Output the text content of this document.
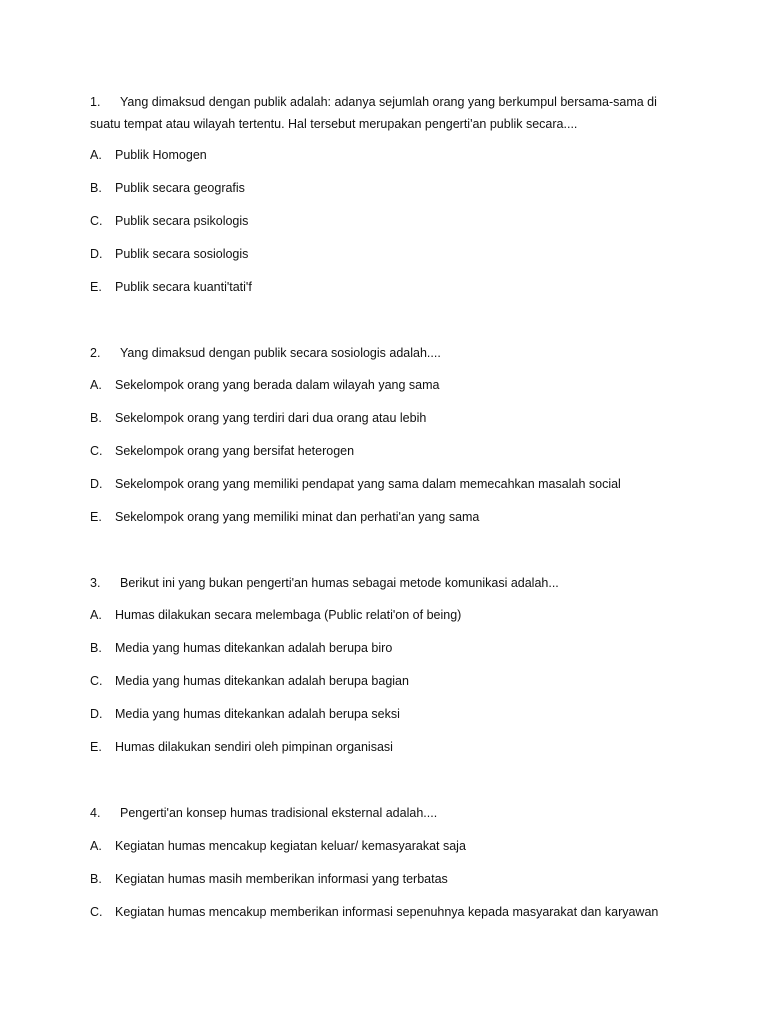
1. Yang dimaksud dengan publik adalah: adanya sejumlah orang yang berkumpul bersama-sama di
suatu tempat atau wilayah tertentu. Hal tersebut merupakan pengerti'an publik secara....
A. Publik Homogen
B. Publik secara geografis
C. Publik secara psikologis
D. Publik secara sosiologis
E. Publik secara kuanti'tati'f
2. Yang dimaksud dengan publik secara sosiologis adalah....
A. Sekelompok orang yang berada dalam wilayah yang sama
B. Sekelompok orang yang terdiri dari dua orang atau lebih
C. Sekelompok orang yang bersifat heterogen
D. Sekelompok orang yang memiliki pendapat yang sama dalam memecahkan masalah social
E. Sekelompok orang yang memiliki minat dan perhati'an yang sama
3. Berikut ini yang bukan pengerti'an humas sebagai metode komunikasi adalah...
A. Humas dilakukan secara melembaga (Public relati'on of being)
B. Media yang humas ditekankan adalah berupa biro
C. Media yang humas ditekankan adalah berupa bagian
D. Media yang humas ditekankan adalah berupa seksi
E. Humas dilakukan sendiri oleh pimpinan organisasi
4. Pengerti'an konsep humas tradisional eksternal adalah....
A. Kegiatan humas mencakup kegiatan keluar/ kemasyarakat saja
B. Kegiatan humas masih memberikan informasi yang terbatas
C. Kegiatan humas mencakup memberikan informasi sepenuhnya kepada masyarakat dan karyawan
